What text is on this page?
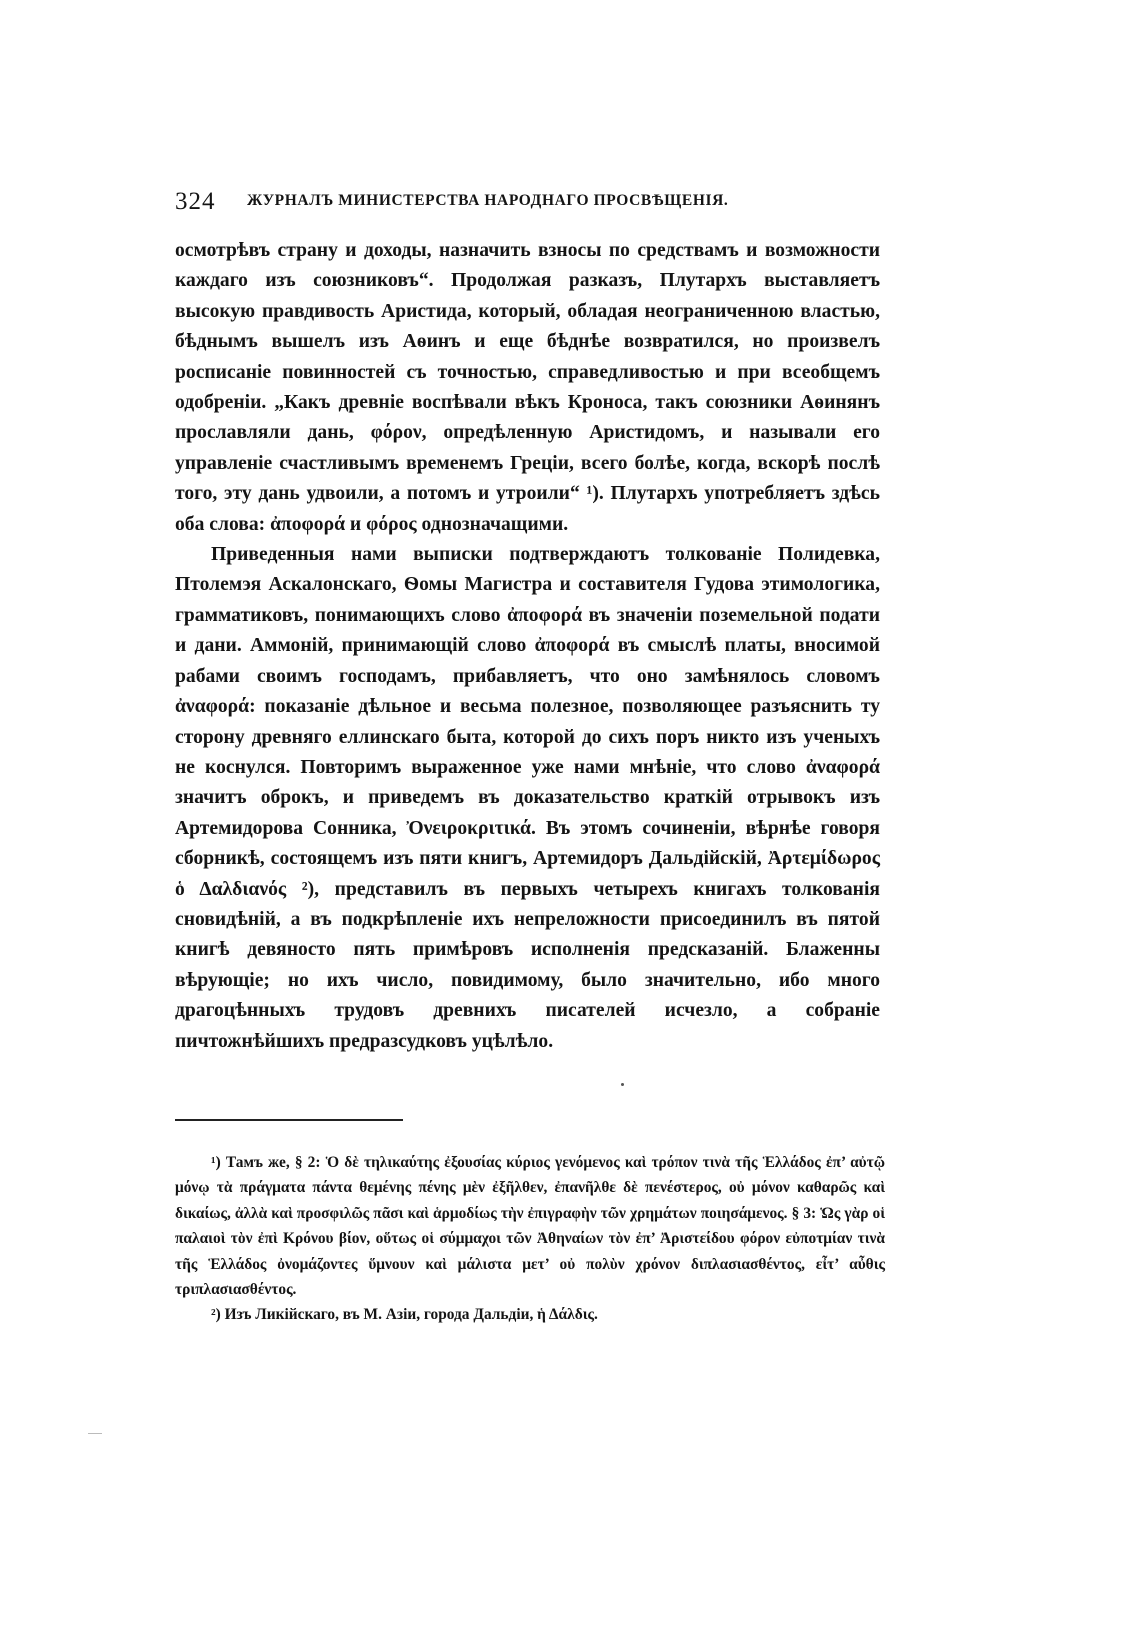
324 ЖУРНАЛЪ МИНИСТЕРСТВА НАРОДНАГО ПРОСВѢЩЕНІЯ.

осмотрѣвъ страну и доходы, назначить взносы по средствамъ и возможности каждаго изъ союзниковъ“. Продолжая разказъ, Плутархъ выставляетъ высокую правдивость Аристида, который, обладая неограниченною властью, бѣднымъ вышелъ изъ Аѳинъ и еще бѣднѣе возвратился, но произвелъ росписаніе повинностей съ точностью, справедливостью и при всеобщемъ одобреніи. „Какъ древніе воспѣвали вѣкъ Кроноса, такъ союзники Аѳинянъ прославляли дань, φόρον, опредѣленную Аристидомъ, и называли его управленіе счастливымъ временемъ Греціи, всего болѣе, когда, вскорѣ послѣ того, эту дань удвоили, а потомъ и утроили“ ¹). Плутархъ употребляетъ здѣсь оба слова: ἀποφορά и φόρος однозначащими.

Приведенныя нами выписки подтверждаютъ толкованіе Полидевка, Птолемэя Аскалонскаго, Ѳомы Магистра и составителя Гудова этимологика, грамматиковъ, понимающихъ слово ἀποφορά въ значеніи поземельной подати и дани. Аммоній, принимающій слово ἀποφορά въ смыслѣ платы, вносимой рабами своимъ господамъ, прибавляетъ, что оно замѣнялось словомъ ἀναφορά: показаніе дѣльное и весьма полезное, позволяющее разъяснить ту сторону древняго еллинскаго быта, которой до сихъ поръ никто изъ ученыхъ не коснулся. Повторимъ выраженное уже нами мнѣніе, что слово ἀναφορά значитъ оброкъ, и приведемъ въ доказательство краткій отрывокъ изъ Артемидорова Сонника, Ὀνειροκριτικά. Въ этомъ сочиненіи, вѣрнѣе говоря сборникѣ, состоящемъ изъ пяти книгъ, Артемидоръ Дальдійскій, Ἀρτεμίδωρος ὁ Δαλδιανός ²), представилъ въ первыхъ четырехъ книгахъ толкованія сновидѣній, а въ подкрѣпленіе ихъ непреложности присоединилъ въ пятой книгѣ девяносто пять примѣровъ исполненія предсказаній. Блаженны вѣрующіе; но ихъ число, повидимому, было значительно, ибо много драгоцѣнныхъ трудовъ древнихъ писателей исчезло, а собраніе пичтожнѣйшихъ предразсудковъ уцѣлѣло.

¹) Тамъ же, § 2: Ὁ δὲ τηλικαύτης ἐξουσίας κύριος γενόμενος καὶ τρόπον τινὰ τῆς Ἑλλάδος ἐπ’ αὐτῷ μόνῳ τὰ πράγματα πάντα θεμένης πένης μὲν ἐξῆλθεν, ἐπανῆλθε δὲ πενέστερος, οὐ μόνον καθαρῶς καὶ δικαίως, ἀλλὰ καὶ προσφιλῶς πᾶσι καὶ ἁρμοδίως τὴν ἐπιγραφὴν τῶν χρημάτων ποιησάμενος. § 3: Ὡς γὰρ οἱ παλαιοὶ τὸν ἐπὶ Κρόνου βίον, οὕτως οἱ σύμμαχοι τῶν Ἀθηναίων τὸν ἐπ’ Ἀριστείδου φόρον εὐποτμίαν τινὰ τῆς Ἑλλάδος ὀνομάζοντες ὕμνουν καὶ μάλιστα μετ’ οὐ πολὺν χρόνον διπλασιασθέντος, εἶτ’ αὖθις τριπλασιασθέντος.

²) Изъ Ликійскаго, въ М. Азіи, города Дальдіи, ἡ Δάλδις.
